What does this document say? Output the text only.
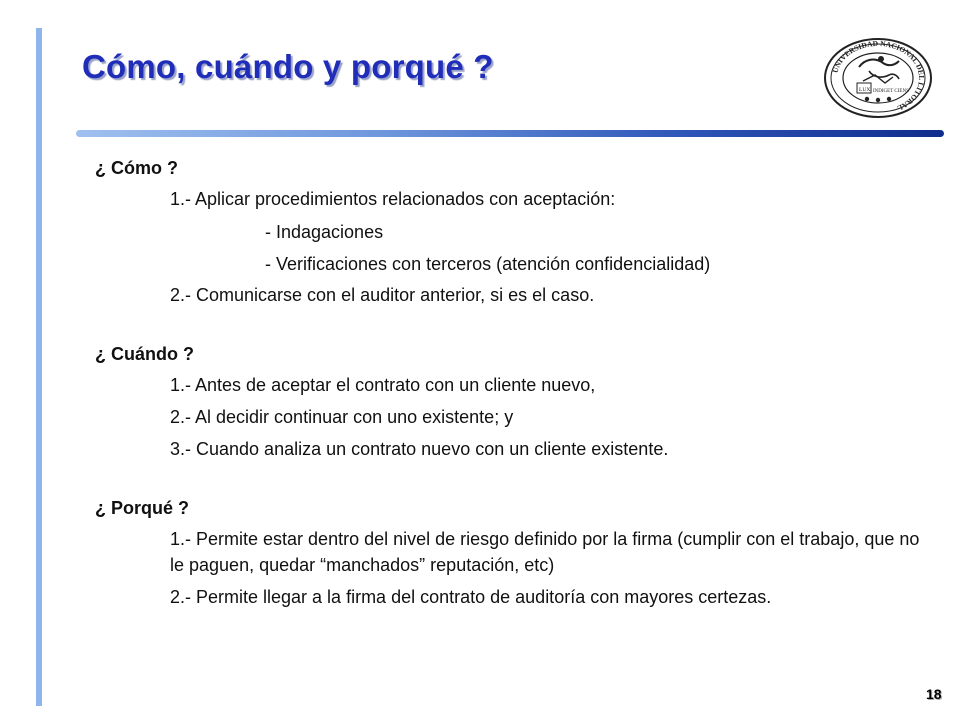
Cómo, cuándo y porqué ?	UNIVERSIDAD NACIONAL DEL LITORAL
LUX INDIGET CIENS
¿ Cómo ?
1.- Aplicar procedimientos relacionados con aceptación:
- Indagaciones
- Verificaciones con terceros (atención confidencialidad)
2.- Comunicarse con el auditor anterior, si es el caso.
¿ Cuándo ?
1.- Antes de aceptar el contrato con un cliente nuevo,
2.- Al decidir continuar con uno existente; y
3.- Cuando analiza un contrato nuevo con un cliente existente.
¿ Porqué ?
1.- Permite estar dentro del nivel de riesgo definido por la firma (cumplir con el trabajo, que no le paguen, quedar “manchados” reputación, etc)
2.- Permite llegar a la firma del contrato de auditoría con mayores certezas.
18
